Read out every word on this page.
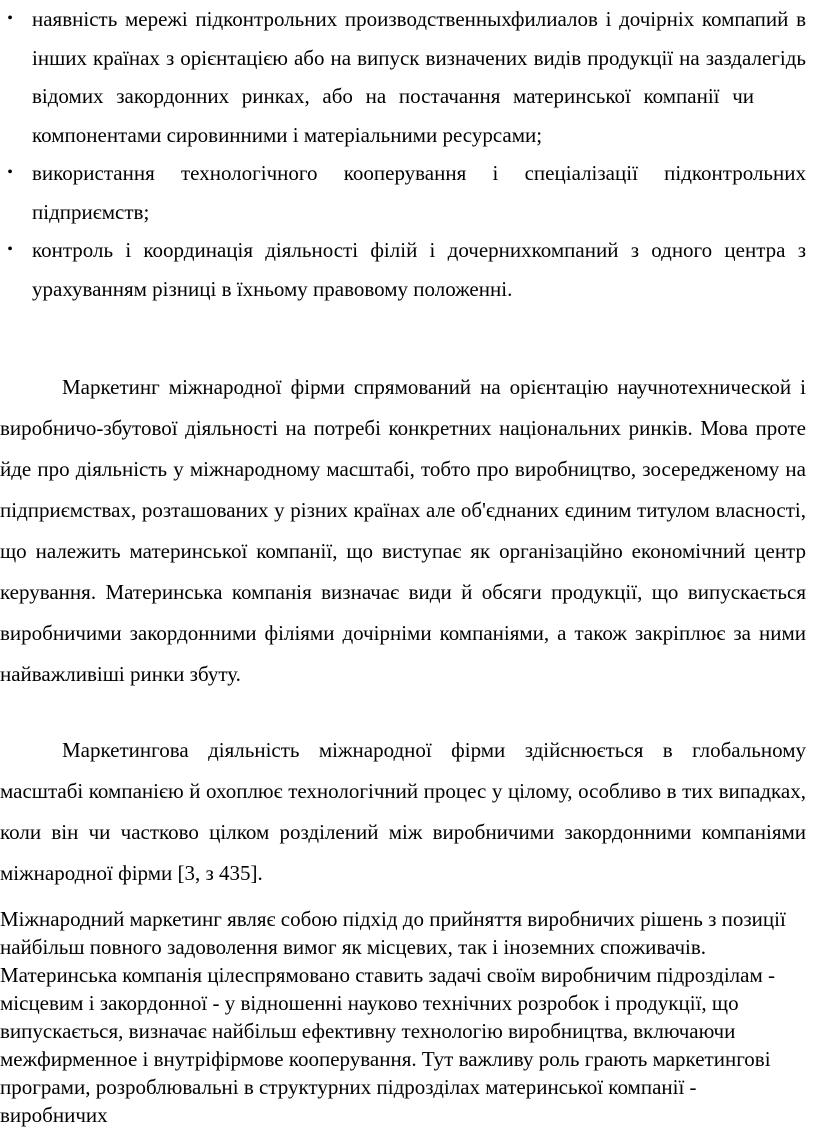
• наявність мережі підконтрольних производственныхфилиалов і дочірніх компапий в інших країнах з орієнтацією або на випуск визначених видів продукції на заздалегідь відомих закордонних ринках, або на постачання материнської компанії чикомпонентами сировинними і матеріальними ресурсами;
• використання технологічного кооперування і спеціалізації підконтрольних підприємств;
• контроль і координація діяльності філій і дочернихкомпаний з одного центра з урахуванням різниці в їхньому правовому положенні.

Маркетинг міжнародної фірми спрямований на орієнтацію научнотехнической і виробничо-збутової діяльності на потребі конкретних національних ринків. Мова проте йде про діяльність у міжнародному масштабі, тобто про виробництво, зосередженому на підприємствах, розташованих у різних країнах але об'єднаних єдиним титулом власності, що належить материнської компанії, що виступає як організаційно економічний центр керування. Материнська компанія визначає види й обсяги продукції, що випускається виробничими закордонними філіями дочірніми компаніями, а також закріплює за ними найважливіші ринки збуту.

Маркетингова діяльність міжнародної фірми здійснюється в глобальному масштабі компанією й охоплює технологічний процес у цілому, особливо в тих випадках, коли він чи частково цілком розділений між виробничими закордонними компаніями міжнародної фірми [3, з 435].

Міжнародний маркетинг являє собою підхід до прийняття виробничих рішень з позиції найбільш повного задоволення вимог як місцевих, так і іноземних споживачів. Материнська компанія цілеспрямовано ставить задачі своїм виробничим підрозділам - місцевим і закордонної - у відношенні науково технічних розробок і продукції, що випускається, визначає найбільш ефективну технологію виробництва, включаючи межфирменное і внутріфірмове кооперування. Тут важливу роль грають маркетингові програми, розроблювальні в структурних підрозділах материнської компанії - виробничих
